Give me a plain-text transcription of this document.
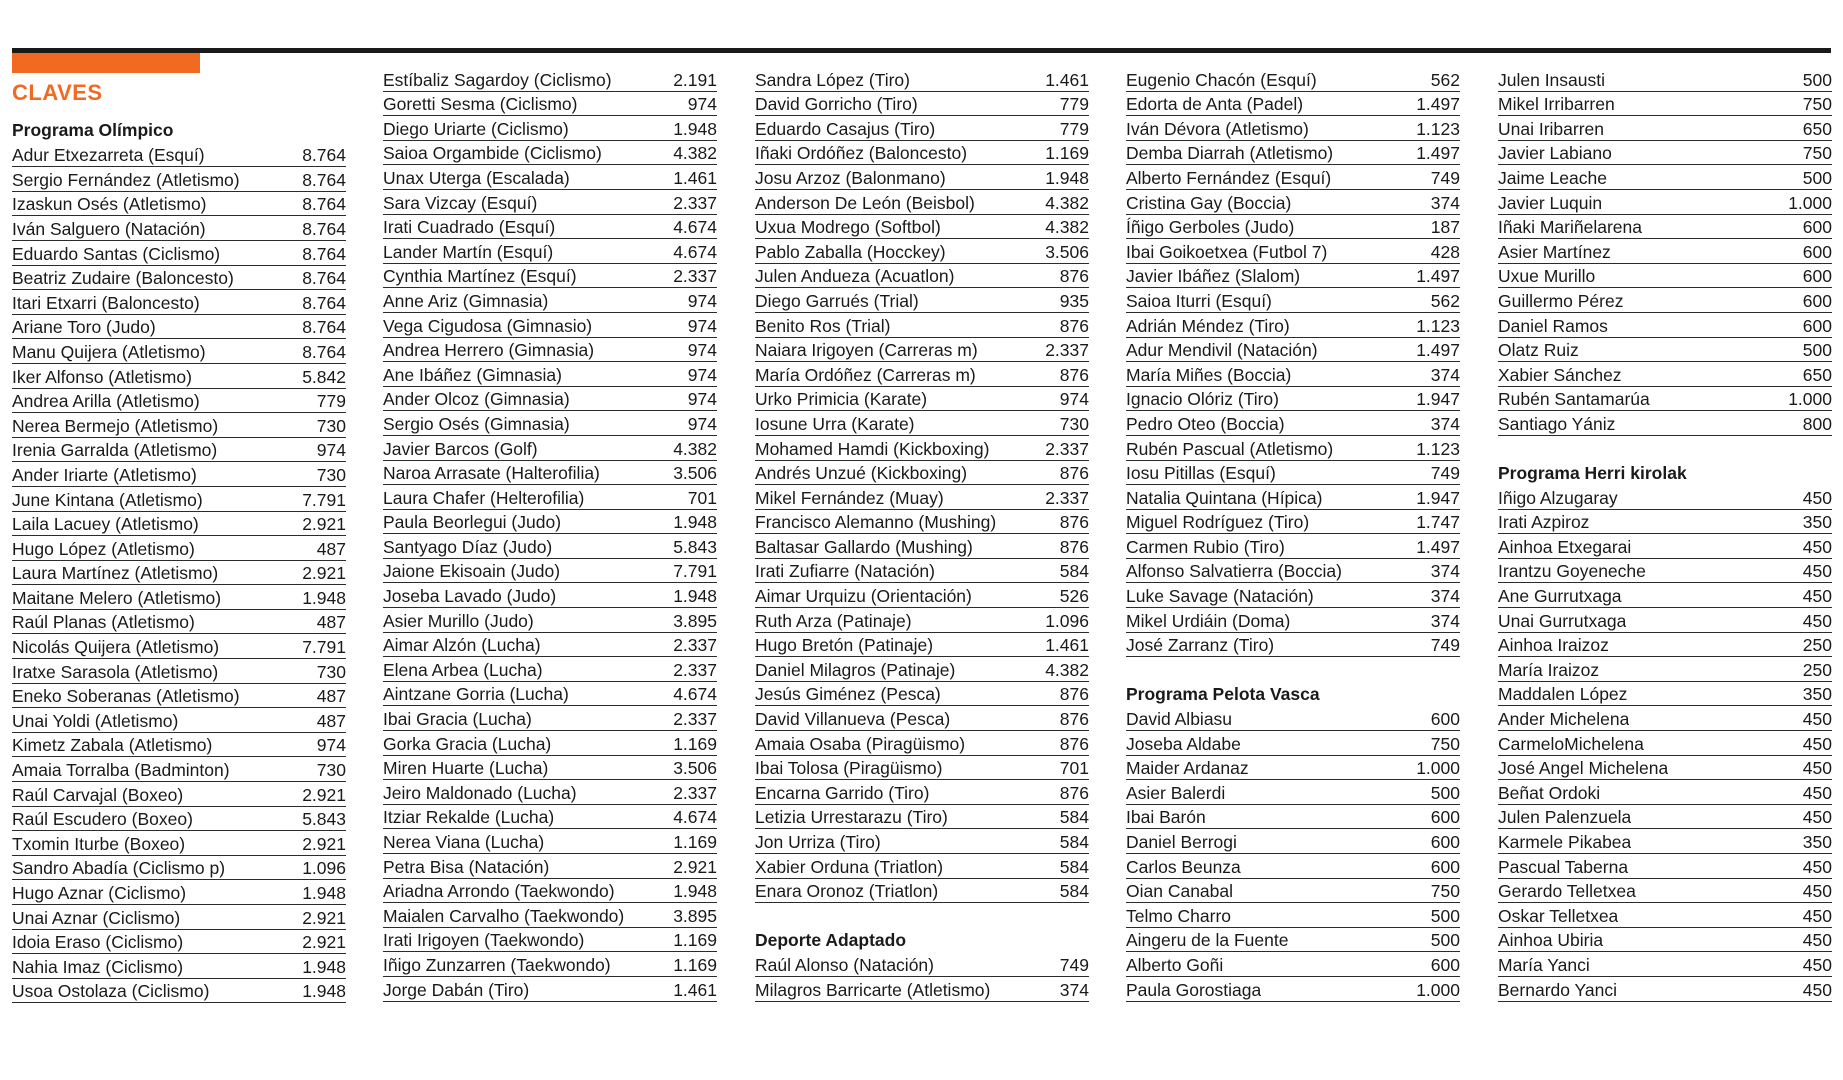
CLAVES
Programa Olímpico
Adur Etxezarreta (Esquí)	8.764
Sergio Fernández (Atletismo)	8.764
Izaskun Osés (Atletismo)	8.764
Iván Salguero (Natación)	8.764
Eduardo Santas (Ciclismo)	8.764
Beatriz Zudaire (Baloncesto)	8.764
Itari Etxarri (Baloncesto)	8.764
Ariane Toro (Judo)	8.764
Manu Quijera (Atletismo)	8.764
Iker Alfonso (Atletismo)	5.842
Andrea Arilla (Atletismo)	779
Nerea Bermejo (Atletismo)	730
Irenia Garralda (Atletismo)	974
Ander Iriarte (Atletismo)	730
June Kintana (Atletismo)	7.791
Laila Lacuey (Atletismo)	2.921
Hugo López (Atletismo)	487
Laura Martínez (Atletismo)	2.921
Maitane Melero (Atletismo)	1.948
Raúl Planas (Atletismo)	487
Nicolás Quijera (Atletismo)	7.791
Iratxe Sarasola (Atletismo)	730
Eneko Soberanas (Atletismo)	487
Unai Yoldi (Atletismo)	487
Kimetz Zabala (Atletismo)	974
Amaia Torralba (Badminton)	730
Raúl Carvajal (Boxeo)	2.921
Raúl Escudero (Boxeo)	5.843
Txomin Iturbe (Boxeo)	2.921
Sandro Abadía (Ciclismo p)	1.096
Hugo Aznar (Ciclismo)	1.948
Unai Aznar (Ciclismo)	2.921
Idoia Eraso (Ciclismo)	2.921
Nahia Imaz (Ciclismo)	1.948
Usoa Ostolaza (Ciclismo)	1.948
Estíbaliz Sagardoy (Ciclismo)	2.191
Goretti Sesma (Ciclismo)	974
Diego Uriarte (Ciclismo)	1.948
Saioa Orgambide (Ciclismo)	4.382
Unax Uterga (Escalada)	1.461
Sara Vizcay (Esquí)	2.337
Irati Cuadrado (Esquí)	4.674
Lander Martín (Esquí)	4.674
Cynthia Martínez (Esquí)	2.337
Anne Ariz (Gimnasia)	974
Vega Cigudosa (Gimnasio)	974
Andrea Herrero (Gimnasia)	974
Ane Ibáñez (Gimnasia)	974
Ander Olcoz (Gimnasia)	974
Sergio Osés (Gimnasia)	974
Javier Barcos (Golf)	4.382
Naroa Arrasate (Halterofilia)	3.506
Laura Chafer (Helterofilia)	701
Paula Beorlegui (Judo)	1.948
Santyago Díaz (Judo)	5.843
Jaione Ekisoain (Judo)	7.791
Joseba Lavado (Judo)	1.948
Asier Murillo (Judo)	3.895
Aimar Alzón (Lucha)	2.337
Elena Arbea (Lucha)	2.337
Aintzane Gorria (Lucha)	4.674
Ibai Gracia (Lucha)	2.337
Gorka Gracia (Lucha)	1.169
Miren Huarte (Lucha)	3.506
Jeiro Maldonado (Lucha)	2.337
Itziar Rekalde (Lucha)	4.674
Nerea Viana (Lucha)	1.169
Petra Bisa (Natación)	2.921
Ariadna Arrondo (Taekwondo)	1.948
Maialen Carvalho (Taekwondo)	3.895
Irati Irigoyen (Taekwondo)	1.169
Iñigo Zunzarren (Taekwondo)	1.169
Jorge Dabán (Tiro)	1.461
Sandra López (Tiro)	1.461
David Gorricho (Tiro)	779
Eduardo Casajus (Tiro)	779
Iñaki Ordóñez (Baloncesto)	1.169
Josu Arzoz (Balonmano)	1.948
Anderson De León (Beisbol)	4.382
Uxua Modrego (Softbol)	4.382
Pablo Zaballa (Hocckey)	3.506
Julen Andueza (Acuatlon)	876
Diego Garrués (Trial)	935
Benito Ros (Trial)	876
Naiara Irigoyen (Carreras m)	2.337
María Ordóñez (Carreras m)	876
Urko Primicia (Karate)	974
Iosune Urra (Karate)	730
Mohamed Hamdi (Kickboxing)	2.337
Andrés Unzué (Kickboxing)	876
Mikel Fernández (Muay)	2.337
Francisco Alemanno (Mushing)	876
Baltasar Gallardo (Mushing)	876
Irati Zufiarre (Natación)	584
Aimar Urquizu (Orientación)	526
Ruth Arza (Patinaje)	1.096
Hugo Bretón (Patinaje)	1.461
Daniel Milagros (Patinaje)	4.382
Jesús Giménez (Pesca)	876
David Villanueva (Pesca)	876
Amaia Osaba (Piragüismo)	876
Ibai Tolosa (Piragüismo)	701
Encarna Garrido (Tiro)	876
Letizia Urrestarazu (Tiro)	584
Jon Urriza (Tiro)	584
Xabier Orduna (Triatlon)	584
Enara Oronoz (Triatlon)	584
Deporte Adaptado
Raúl Alonso (Natación)	749
Milagros Barricarte (Atletismo)	374
Eugenio Chacón (Esquí)	562
Edorta de Anta (Padel)	1.497
Iván Dévora (Atletismo)	1.123
Demba Diarrah (Atletismo)	1.497
Alberto Fernández (Esquí)	749
Cristina Gay (Boccia)	374
Íñigo Gerboles (Judo)	187
Ibai Goikoetxea (Futbol 7)	428
Javier Ibáñez (Slalom)	1.497
Saioa Iturri (Esquí)	562
Adrián Méndez (Tiro)	1.123
Adur Mendivil (Natación)	1.497
María Miñes (Boccia)	374
Ignacio Olóriz (Tiro)	1.947
Pedro Oteo (Boccia)	374
Rubén Pascual (Atletismo)	1.123
Iosu Pitillas (Esquí)	749
Natalia Quintana (Hípica)	1.947
Miguel Rodríguez (Tiro)	1.747
Carmen Rubio (Tiro)	1.497
Alfonso Salvatierra (Boccia)	374
Luke Savage (Natación)	374
Mikel Urdiáin (Doma)	374
José Zarranz (Tiro)	749
Programa Pelota Vasca
David Albiasu	600
Joseba Aldabe	750
Maider Ardanaz	1.000
Asier Balerdi	500
Ibai Barón	600
Daniel Berrogi	600
Carlos Beunza	600
Oian Canabal	750
Telmo Charro	500
Aingeru de la Fuente	500
Alberto Goñi	600
Paula Gorostiaga	1.000
Julen Insausti	500
Mikel Irribarren	750
Unai Iribarren	650
Javier Labiano	750
Jaime Leache	500
Javier Luquin	1.000
Iñaki Mariñelarena	600
Asier Martínez	600
Uxue Murillo	600
Guillermo Pérez	600
Daniel Ramos	600
Olatz Ruiz	500
Xabier Sánchez	650
Rubén Santamarúa	1.000
Santiago Yániz	800
Programa Herri kirolak
Iñigo Alzugaray	450
Irati Azpiroz	350
Ainhoa Etxegarai	450
Irantzu Goyeneche	450
Ane Gurrutxaga	450
Unai Gurrutxaga	450
Ainhoa Iraizoz	250
María Iraizoz	250
Maddalen López	350
Ander Michelena	450
CarmeloMichelena	450
José Angel Michelena	450
Beñat Ordoki	450
Julen Palenzuela	450
Karmele Pikabea	350
Pascual Taberna	450
Gerardo Telletxea	450
Oskar Telletxea	450
Ainhoa Ubiria	450
María Yanci	450
Bernardo Yanci	450
